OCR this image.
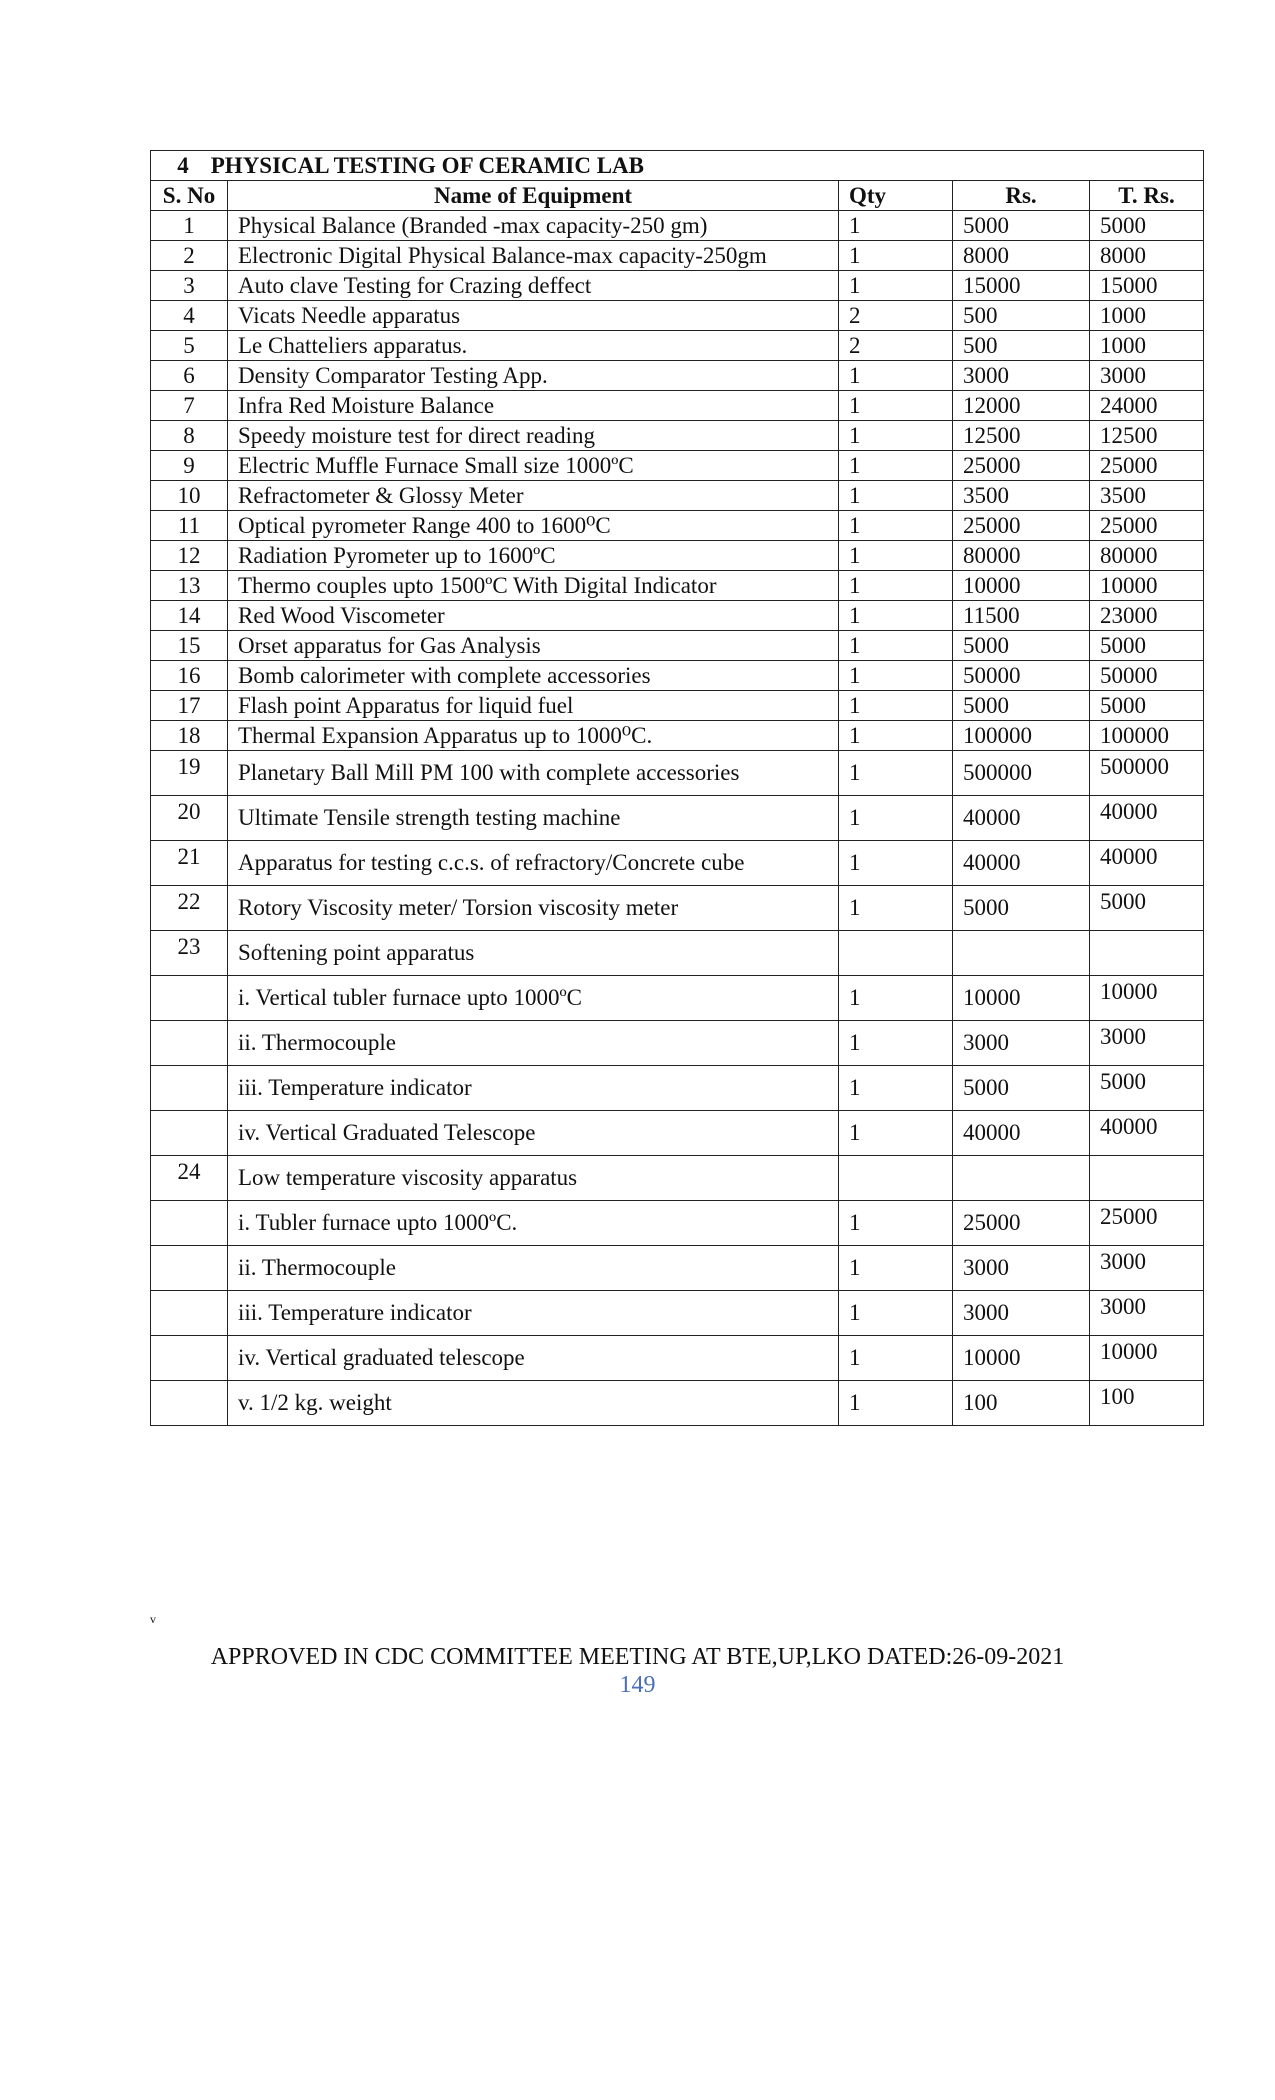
4 PHYSICAL TESTING OF CERAMIC LAB				
S. No	Name of Equipment	Qty	Rs.	T. Rs.
1	Physical Balance (Branded -max capacity-250 gm)	1	5000	5000
2	Electronic Digital Physical Balance-max capacity-250gm	1	8000	8000
3	Auto clave Testing for Crazing deffect	1	15000	15000
4	Vicats Needle apparatus	2	500	1000
5	Le Chatteliers apparatus.	2	500	1000
6	Density Comparator Testing App.	1	3000	3000
7	Infra Red Moisture Balance	1	12000	24000
8	Speedy moisture test for direct reading	1	12500	12500
9	Electric Muffle Furnace Small size 1000ºC	1	25000	25000
10	Refractometer & Glossy Meter	1	3500	3500
11	Optical pyrometer Range 400 to 1600⁰C	1	25000	25000
12	Radiation Pyrometer up to 1600ºC	1	80000	80000
13	Thermo couples upto 1500ºC With Digital Indicator	1	10000	10000
14	Red Wood Viscometer	1	11500	23000
15	Orset apparatus for Gas Analysis	1	5000	5000
16	Bomb calorimeter with complete accessories	1	50000	50000
17	Flash point Apparatus for liquid fuel	1	5000	5000
18	Thermal Expansion Apparatus up to 1000⁰C.	1	100000	100000
19	Planetary Ball Mill PM 100 with complete accessories	1	500000	500000
20	Ultimate Tensile strength testing machine	1	40000	40000
21	Apparatus for testing c.c.s. of refractory/Concrete cube	1	40000	40000
22	Rotory Viscosity meter/ Torsion viscosity meter	1	5000	5000
23	Softening point apparatus			
	i. Vertical tubler furnace upto 1000ºC	1	10000	10000
	ii. Thermocouple	1	3000	3000
	iii. Temperature indicator	1	5000	5000
	iv. Vertical Graduated Telescope	1	40000	40000
24	Low temperature viscosity apparatus			
	i. Tubler furnace upto 1000ºC.	1	25000	25000
	ii. Thermocouple	1	3000	3000
	iii. Temperature indicator	1	3000	3000
	iv. Vertical graduated telescope	1	10000	10000
	v. 1/2 kg. weight	1	100	100
v
APPROVED IN CDC COMMITTEE MEETING AT BTE,UP,LKO DATED:26-09-2021
149
